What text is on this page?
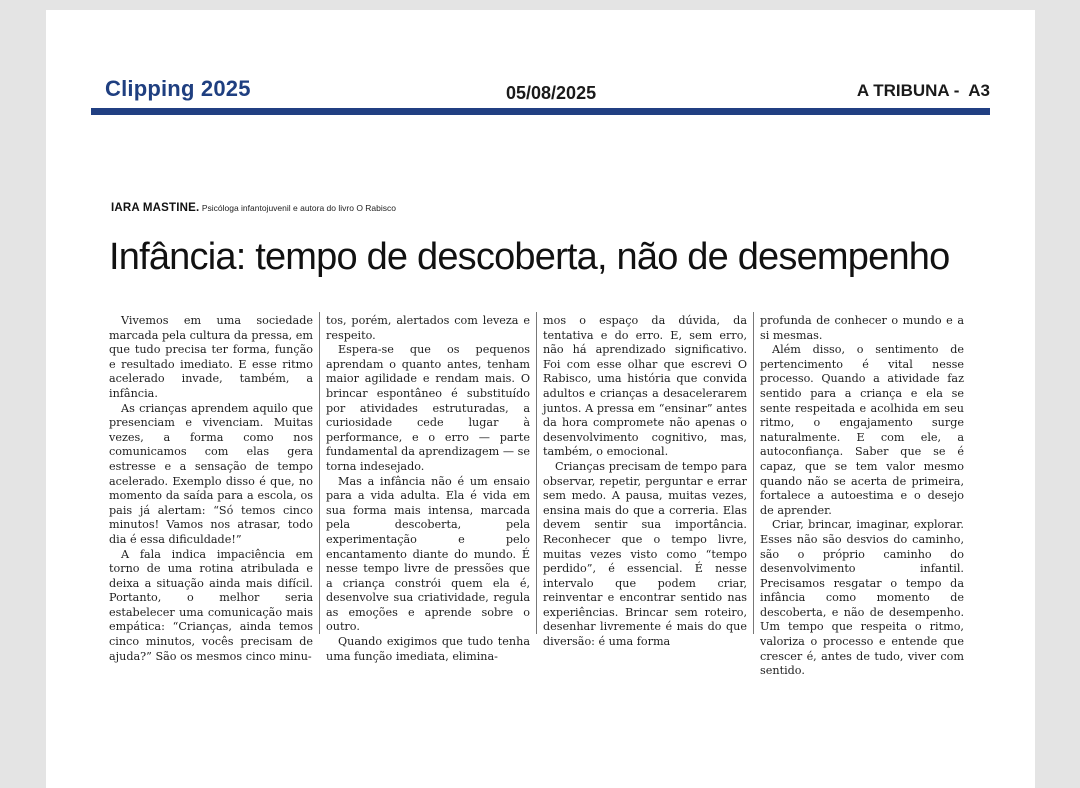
Clipping 2025	05/08/2025	A TRIBUNA -  A3
IARA MASTINE. Psicóloga infantojuvenil e autora do livro O Rabisco
Infância: tempo de descoberta, não de desempenho

Vivemos em uma sociedade marcada pela cultura da pressa, em que tudo precisa ter forma, função e resultado imediato. E esse ritmo acelerado invade, também, a infância.

As crianças aprendem aquilo que presenciam e vivenciam. Muitas vezes, a forma como nos comunicamos com elas gera estresse e a sensação de tempo acelerado. Exemplo disso é que, no momento da saída para a escola, os pais já alertam: “Só temos cinco minutos! Vamos nos atrasar, todo dia é essa dificuldade!”

A fala indica impaciência em torno de uma rotina atribulada e deixa a situação ainda mais difícil. Portanto, o melhor seria estabelecer uma comunicação mais empática: “Crianças, ainda temos cinco minutos, vocês precisam de ajuda?” São os mesmos cinco minu-

tos, porém, alertados com leveza e respeito.

Espera-se que os pequenos aprendam o quanto antes, tenham maior agilidade e rendam mais. O brincar espontâneo é substituído por atividades estruturadas, a curiosidade cede lugar à performance, e o erro — parte fundamental da aprendizagem — se torna indesejado.

Mas a infância não é um ensaio para a vida adulta. Ela é vida em sua forma mais intensa, marcada pela descoberta, pela experimentação e pelo encantamento diante do mundo. É nesse tempo livre de pressões que a criança constrói quem ela é, desenvolve sua criatividade, regula as emoções e aprende sobre o outro.

Quando exigimos que tudo tenha uma função imediata, elimina-

mos o espaço da dúvida, da tentativa e do erro. E, sem erro, não há aprendizado significativo. Foi com esse olhar que escrevi O Rabisco, uma história que convida adultos e crianças a desacelerarem juntos. A pressa em “ensinar” antes da hora compromete não apenas o desenvolvimento cognitivo, mas, também, o emocional.

Crianças precisam de tempo para observar, repetir, perguntar e errar sem medo. A pausa, muitas vezes, ensina mais do que a correria. Elas devem sentir sua importância. Reconhecer que o tempo livre, muitas vezes visto como “tempo perdido”, é essencial. É nesse intervalo que podem criar, reinventar e encontrar sentido nas experiências. Brincar sem roteiro, desenhar livremente é mais do que diversão: é uma forma

profunda de conhecer o mundo e a si mesmas.

Além disso, o sentimento de pertencimento é vital nesse processo. Quando a atividade faz sentido para a criança e ela se sente respeitada e acolhida em seu ritmo, o engajamento surge naturalmente. E com ele, a autoconfiança. Saber que se é capaz, que se tem valor mesmo quando não se acerta de primeira, fortalece a autoestima e o desejo de aprender.

Criar, brincar, imaginar, explorar. Esses não são desvios do caminho, são o próprio caminho do desenvolvimento infantil. Precisamos resgatar o tempo da infância como momento de descoberta, e não de desempenho. Um tempo que respeita o ritmo, valoriza o processo e entende que crescer é, antes de tudo, viver com sentido.
